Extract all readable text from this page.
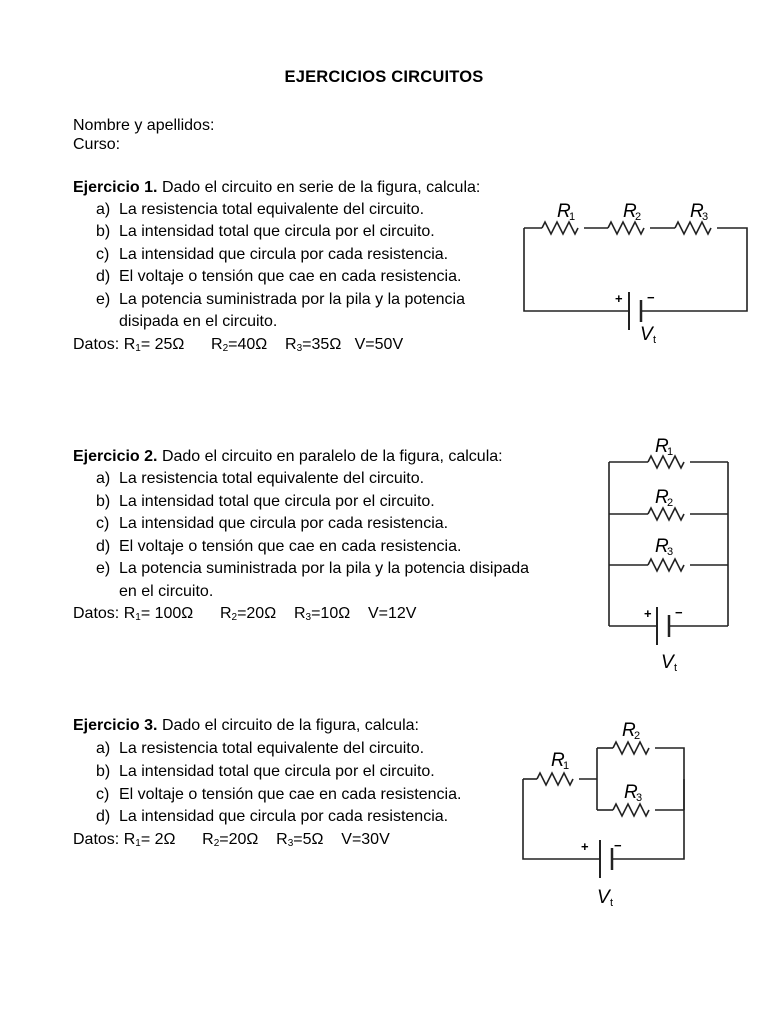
EJERCICIOS CIRCUITOS
Nombre y apellidos:
Curso:
Ejercicio 1. Dado el circuito en serie de la figura, calcula:
a) La resistencia total equivalente del circuito.
b) La intensidad total que circula por el circuito.
c) La intensidad que circula por cada resistencia.
d) El voltaje o tensión que cae en cada resistencia.
e) La potencia suministrada por la pila y la potencia
disipada en el circuito.
Datos: $R_1= 25\Omega$      $R_2=40\Omega$    $R_3=35\Omega$ V=50V
R
1	R
2	R
3
+ −
V t
Ejercicio 2. Dado el circuito en paralelo de la figura, calcula:
a) La resistencia total equivalente del circuito.
b) La intensidad total que circula por el circuito.
c) La intensidad que circula por cada resistencia.
d) El voltaje o tensión que cae en cada resistencia.
e) La potencia suministrada por la pila y la potencia disipada
en el circuito.
Datos: $R_1= 100\Omega$      $R_2=20\Omega$    $R_3=10\Omega$ V=12V
R
1
R
2
R
3
+ −
V t
Ejercicio 3. Dado el circuito de la figura, calcula:
a) La resistencia total equivalente del circuito.
b) La intensidad total que circula por el circuito.
c) El voltaje o tensión que cae en cada resistencia.
d) La intensidad que circula por cada resistencia.
Datos: $R_1= 2\Omega$      $R_2=20\Omega$    $R_3=5\Omega$ V=30V
R
1
R
2
R
3
+ −
V t
